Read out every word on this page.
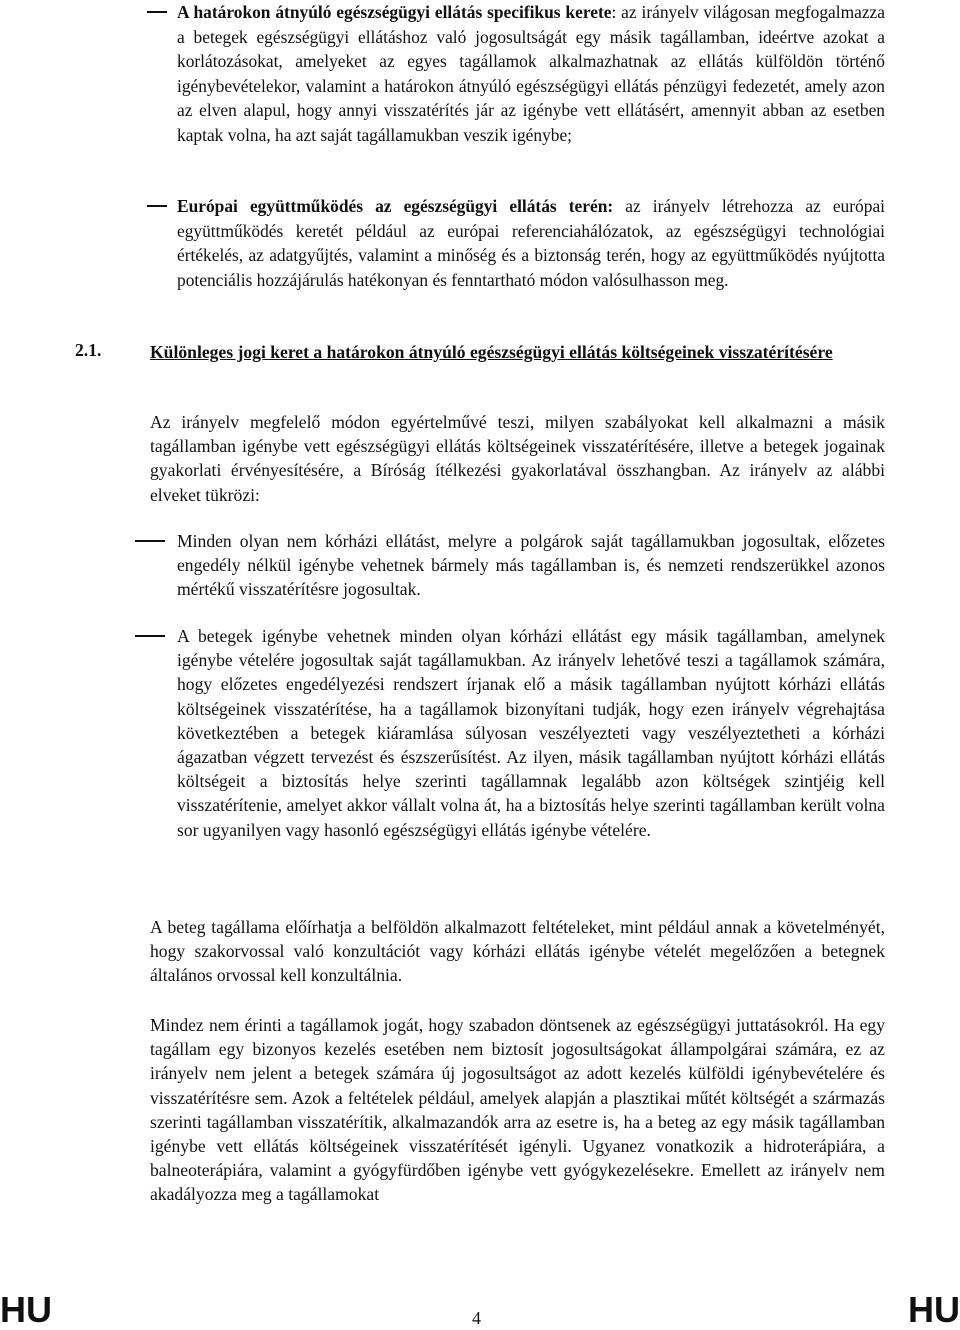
A határokon átnyúló egészségügyi ellátás specifikus kerete: az irányelv világosan megfogalmazza a betegek egészségügyi ellátáshoz való jogosultságát egy másik tagállamban, ideértve azokat a korlátozásokat, amelyeket az egyes tagállamok alkalmazhatnak az ellátás külföldön történő igénybevételekor, valamint a határokon átnyúló egészségügyi ellátás pénzügyi fedezetét, amely azon az elven alapul, hogy annyi visszatérítés jár az igénybe vett ellátásért, amennyit abban az esetben kaptak volna, ha azt saját tagállamukban veszik igénybe;
Európai együttműködés az egészségügyi ellátás terén: az irányelv létrehozza az európai együttműködés keretét például az európai referenciahálózatok, az egészségügyi technológiai értékelés, az adatgyűjtés, valamint a minőség és a biztonság terén, hogy az együttműködés nyújtotta potenciális hozzájárulás hatékonyan és fenntartható módon valósulhasson meg.
2.1.	Különleges jogi keret a határokon átnyúló egészségügyi ellátás költségeinek visszatérítésére
Az irányelv megfelelő módon egyértelművé teszi, milyen szabályokat kell alkalmazni a másik tagállamban igénybe vett egészségügyi ellátás költségeinek visszatérítésére, illetve a betegek jogainak gyakorlati érvényesítésére, a Bíróság ítélkezési gyakorlatával összhangban. Az irányelv az alábbi elveket tükrözi:
Minden olyan nem kórházi ellátást, melyre a polgárok saját tagállamukban jogosultak, előzetes engedély nélkül igénybe vehetnek bármely más tagállamban is, és nemzeti rendszerükkel azonos mértékű visszatérítésre jogosultak.
A betegek igénybe vehetnek minden olyan kórházi ellátást egy másik tagállamban, amelynek igénybe vételére jogosultak saját tagállamukban. Az irányelv lehetővé teszi a tagállamok számára, hogy előzetes engedélyezési rendszert írjanak elő a másik tagállamban nyújtott kórházi ellátás költségeinek visszatérítése, ha a tagállamok bizonyítani tudják, hogy ezen irányelv végrehajtása következtében a betegek kiáramlása súlyosan veszélyezteti vagy veszélyeztetheti a kórházi ágazatban végzett tervezést és észszerűsítést. Az ilyen, másik tagállamban nyújtott kórházi ellátás költségeit a biztosítás helye szerinti tagállamnak legalább azon költségek szintjéig kell visszatérítenie, amelyet akkor vállalt volna át, ha a biztosítás helye szerinti tagállamban került volna sor ugyanilyen vagy hasonló egészségügyi ellátás igénybe vételére.
A beteg tagállama előírhatja a belföldön alkalmazott feltételeket, mint például annak a követelményét, hogy szakorvossal való konzultációt vagy kórházi ellátás igénybe vételét megelőzően a betegnek általános orvossal kell konzultálnia.
Mindez nem érinti a tagállamok jogát, hogy szabadon döntsenek az egészségügyi juttatásokról. Ha egy tagállam egy bizonyos kezelés esetében nem biztosít jogosultságokat állampolgárai számára, ez az irányelv nem jelent a betegek számára új jogosultságot az adott kezelés külföldi igénybevételére és visszatérítésre sem. Azok a feltételek például, amelyek alapján a plasztikai műtét költségét a származás szerinti tagállamban visszatérítik, alkalmazandók arra az esetre is, ha a beteg az egy másik tagállamban igénybe vett ellátás költségeinek visszatérítését igényli. Ugyanez vonatkozik a hidroterápiára, a balneoterápiára, valamint a gyógyfürdőben igénybe vett gyógykezelésekre. Emellett az irányelv nem akadályozza meg a tagállamokat
HU	4	HU
